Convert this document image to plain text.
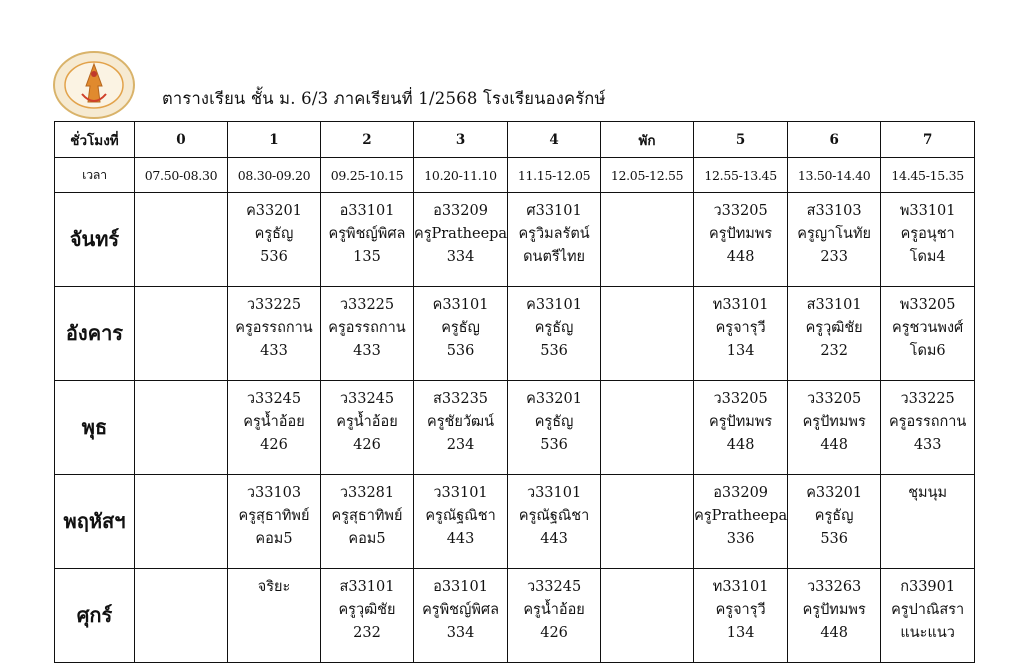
ตารางเรียน ชั้น ม. 6/3 ภาคเรียนที่ 1/2568 โรงเรียนองครักษ์
ชั่วโมงที่	0	1	2	3	4	พัก	5	6	7
เวลา	07.50-08.30	08.30-09.20	09.25-10.15	10.20-11.10	11.15-12.05	12.05-12.55	12.55-13.45	13.50-14.40	14.45-15.35
จันทร์		ค33201
ครูธัญ
536	อ33101
ครูพิชญ์พิศล
135	อ33209
ครูPratheepa
334	ศ33101
ครูวิมลรัตน์
ดนตรีไทย		ว33205
ครูปัทมพร
448	ส33103
ครูญาโนทัย
233	พ33101
ครูอนุชา
โดม4

อังคาร		ว33225
ครูอรรถกาน
433	ว33225
ครูอรรถกาน
433	ค33101
ครูธัญ
536	ค33101
ครูธัญ
536		ท33101
ครูจารุวี
134	ส33101
ครูวุฒิชัย
232	พ33205
ครูชวนพงศ์
โดม6

พุธ		ว33245
ครูน้ำอ้อย
426	ว33245
ครูน้ำอ้อย
426	ส33235
ครูชัยวัฒน์
234	ค33201
ครูธัญ
536		ว33205
ครูปัทมพร
448	ว33205
ครูปัทมพร
448	ว33225
ครูอรรถกาน
433

พฤหัสฯ		ว33103
ครูสุธาทิพย์
คอม5	ว33281
ครูสุธาทิพย์
คอม5	ว33101
ครูณัฐณิชา
443	ว33101
ครูณัฐณิชา
443		อ33209
ครูPratheepa
336	ค33201
ครูธัญ
536	ชุมนุม

ศุกร์		จริยะ	ส33101
ครูวุฒิชัย
232	อ33101
ครูพิชญ์พิศล
334	ว33245
ครูน้ำอ้อย
426		ท33101
ครูจารุวี
134	ว33263
ครูปัทมพร
448	ก33901
ครูปาณิสรา
แนะแนว
